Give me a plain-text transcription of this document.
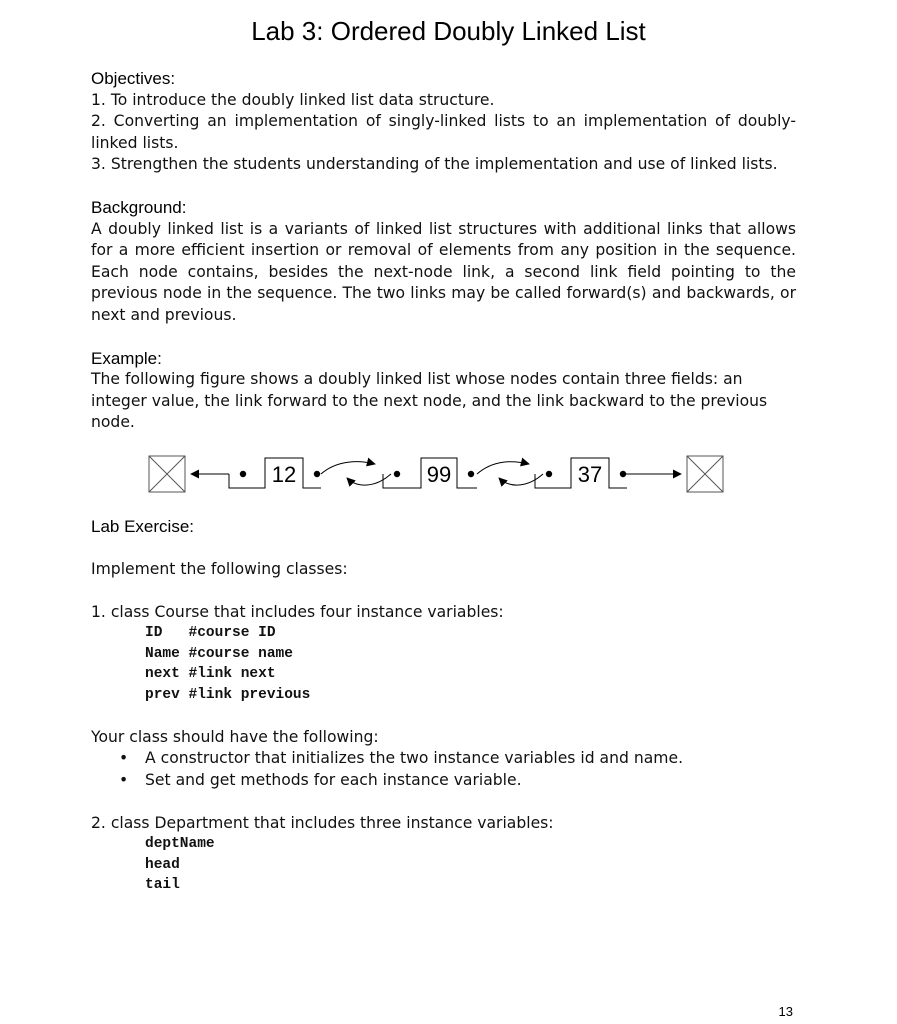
Lab 3: Ordered Doubly Linked List
Objectives:
1. To introduce the doubly linked list data structure.
2. Converting an implementation of singly-linked lists to an implementation of doubly-linked lists.
3. Strengthen the students understanding of the implementation and use of linked lists.
Background:
A doubly linked list is a variants of linked list structures with additional links that allows for a more efficient insertion or removal of elements from any position in the sequence. Each node contains, besides the next-node link, a second link field pointing to the previous node in the sequence. The two links may be called forward(s) and backwards, or next and previous.
Example:
The following figure shows a doubly linked list whose nodes contain three fields: an integer value, the link forward to the next node, and the link backward to the previous node.
12	99	37
Lab Exercise:
Implement the following classes:
1. class Course that includes four instance variables:
ID   #course ID
Name #course name
next #link next
prev #link previous
Your class should have the following:
• A constructor that initializes the two instance variables id and name.
• Set and get methods for each instance variable.
2. class Department that includes three instance variables:
deptName
head
tail
13
